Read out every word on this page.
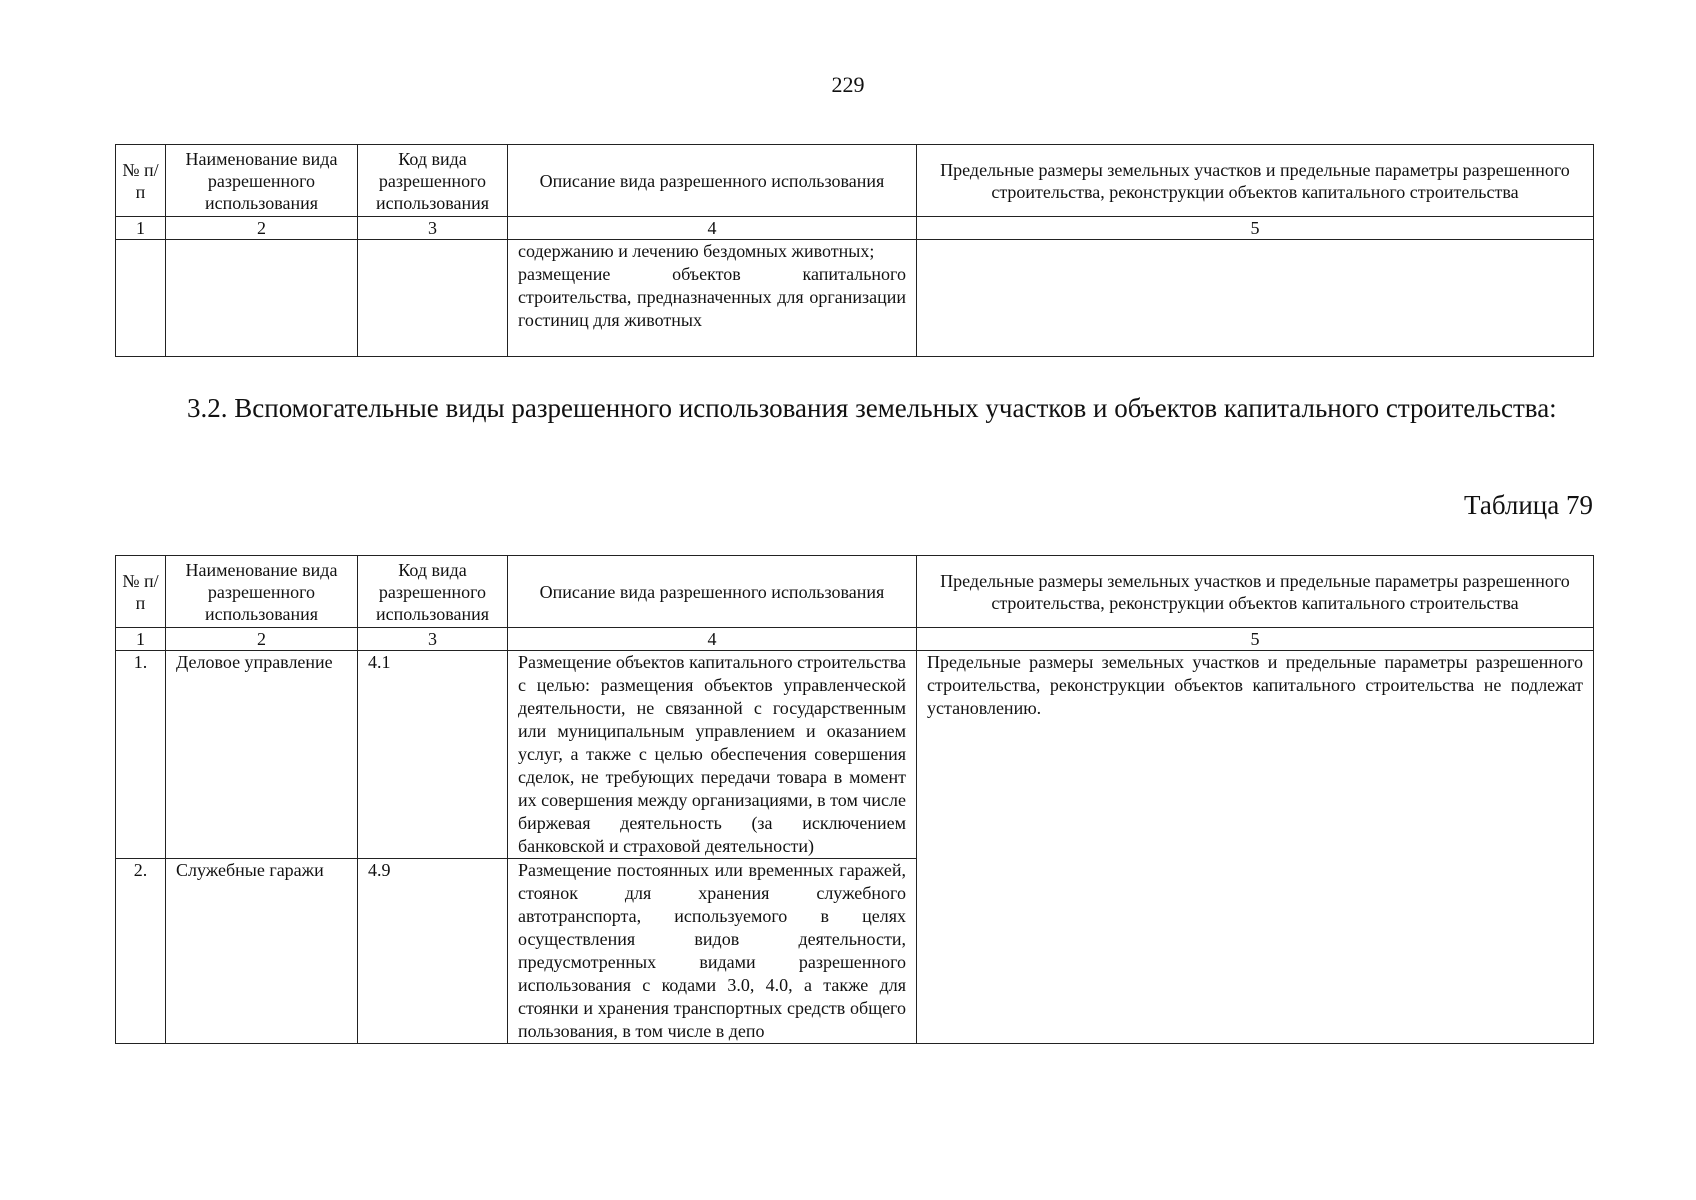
229
№ п/п	Наименование вида разрешенного использования	Код вида разрешенного использования	Описание вида разрешенного использования	Предельные размеры земельных участков и предельные параметры разрешенного строительства, реконструкции объектов капитального строительства
1	2	3	4	5
			содержанию и лечению бездомных животных;
размещение объектов капитального строительства, предназначенных для организации гостиниц для животных	
3.2. Вспомогательные виды разрешенного использования земельных участков и объектов капитального строительства:
Таблица 79
№ п/п	Наименование вида разрешенного использования	Код вида разрешенного использования	Описание вида разрешенного использования	Предельные размеры земельных участков и предельные параметры разрешенного строительства, реконструкции объектов капитального строительства
1	2	3	4	5
1.	Деловое управление	4.1	Размещение объектов капитального строительства с целью: размещения объектов управленческой деятельности, не связанной с государственным или муниципальным управлением и оказанием услуг, а также с целью обеспечения совершения сделок, не требующих передачи товара в момент их совершения между организациями, в том числе биржевая деятельность (за исключением банковской и страховой деятельности)	Предельные размеры земельных участков и предельные параметры разрешенного строительства, реконструкции объектов капитального строительства не подлежат установлению.
2.	Служебные гаражи	4.9	Размещение постоянных или временных гаражей, стоянок для хранения служебного автотранспорта, используемого в целях осуществления видов деятельности, предусмотренных видами разрешенного использования с кодами 3.0, 4.0, а также для стоянки и хранения транспортных средств общего пользования, в том числе в депо	
